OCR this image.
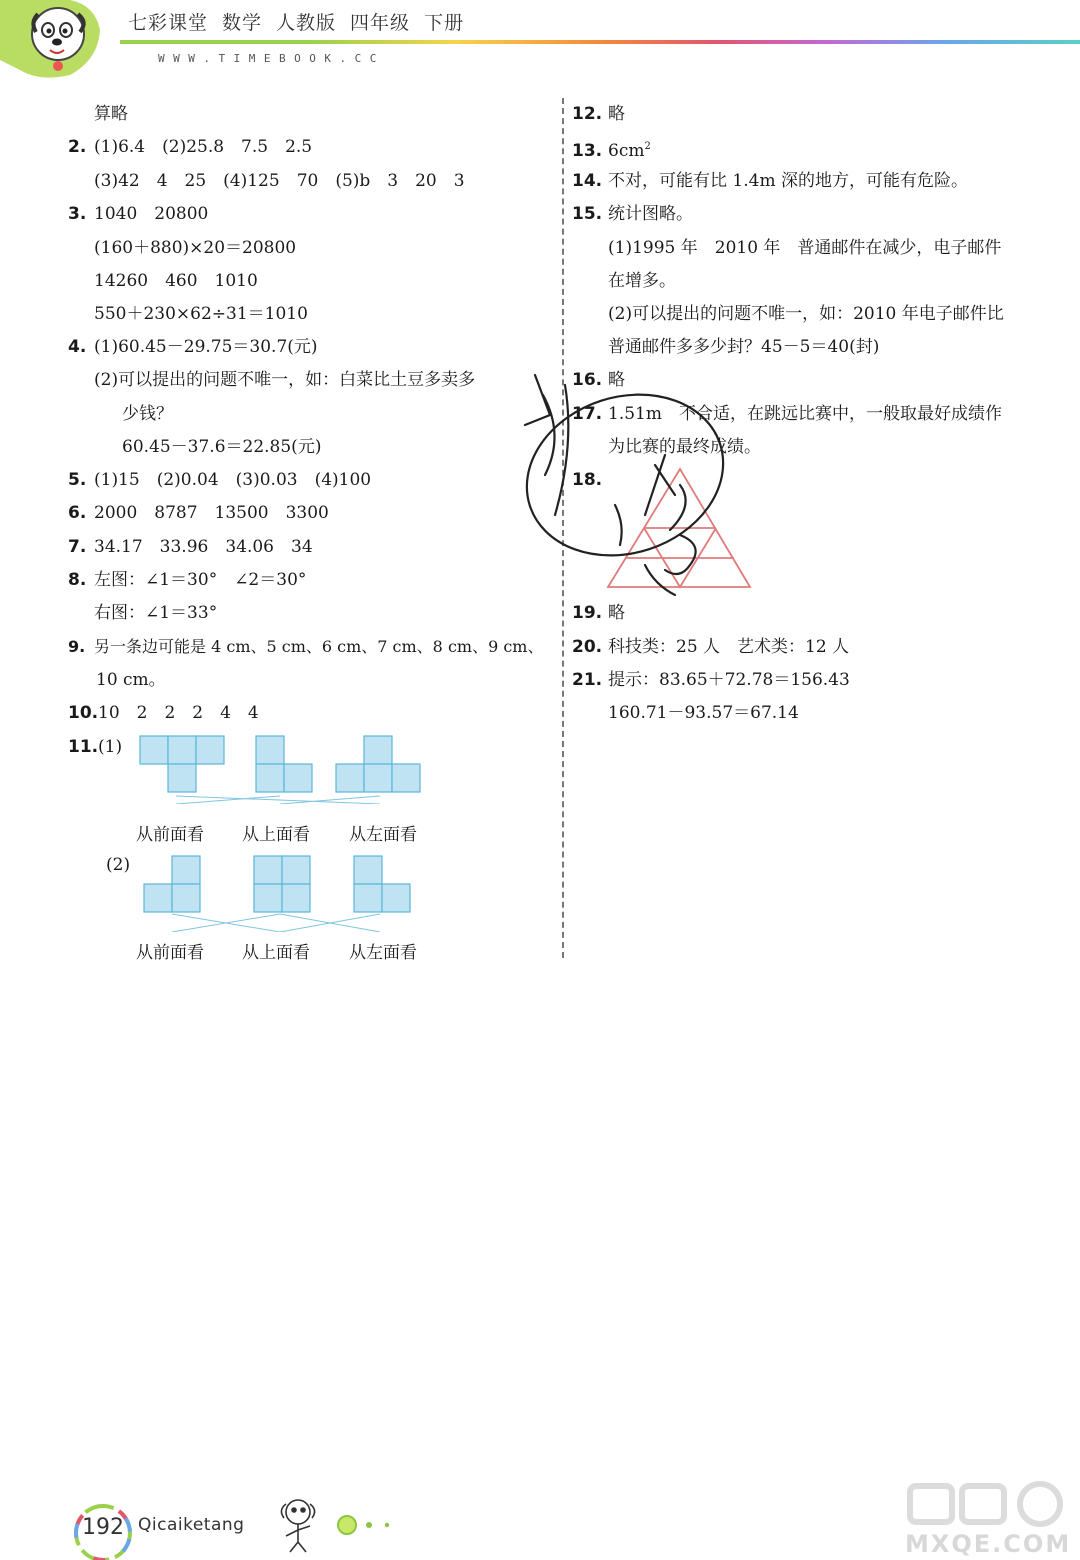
七彩课堂 数学 人教版 四年级 下册
WWW.TIMEBOOK.CC
算略
2. (1)6.4　(2)25.8　7.5　2.5
(3)42　4　25　(4)125　70　(5)b　3　20　3
3. 1040　20800
(160＋880)×20＝20800
14260　460　1010
550＋230×62÷31＝1010
4. (1)60.45－29.75＝30.7(元)
(2)可以提出的问题不唯一，如：白菜比土豆多卖多
少钱？
60.45－37.6＝22.85(元)
5. (1)15　(2)0.04　(3)0.03　(4)100
6. 2000　8787　13500　3300
7. 34.17　33.96　34.06　34
8. 左图：∠1＝30°　∠2＝30°
右图：∠1＝33°
9. 另一条边可能是 4 cm、5 cm、6 cm、7 cm、8 cm、9 cm、
10 cm。
10.10　2　2　2　4　4
11.(1)
从前面看 从上面看 从左面看
(2)
从前面看 从上面看 从左面看
12. 略
13. $6cm^2$
14. 不对，可能有比 1.4m 深的地方，可能有危险。
15. 统计图略。
(1)1995 年　2010 年　普通邮件在减少，电子邮件
在增多。
(2)可以提出的问题不唯一，如：2010 年电子邮件比
普通邮件多多少封？45－5＝40(封)
16. 略
17. 1.51m　不合适，在跳远比赛中，一般取最好成绩作
为比赛的最终成绩。
18.
19. 略
20. 科技类：25 人　艺术类：12 人
21. 提示：83.65＋72.78＝156.43
160.71－93.57＝67.14
192 Qicaiketang
MXQE.COM
